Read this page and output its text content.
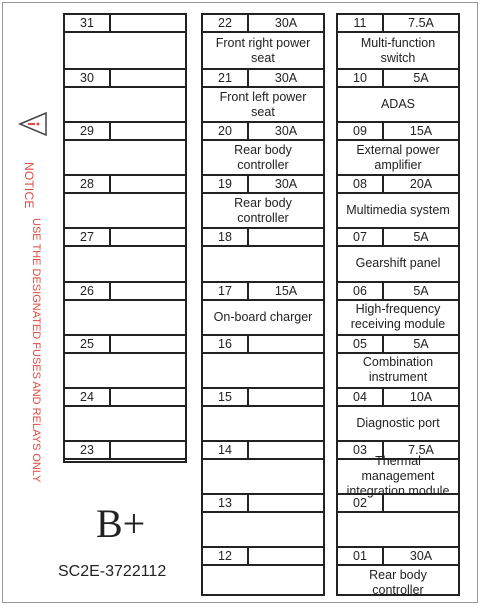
31
30
29
28
27
26
25
24
23
22	30A
Front right power seat
21	30A
Front left power seat
20	30A
Rear body controller
19	30A
Rear body controller
18
17	15A
On-board charger
16
15
14
13
12
11	7.5A
Multi-function switch
10	5A
ADAS
09	15A
External power amplifier
08	20A
Multimedia system
07	5A
Gearshift panel
06	5A
High-frequency receiving module
05	5A
Combination instrument
04	10A
Diagnostic port
03	7.5A
Thermal management integration module
02
01	30A
Rear body controller
NOTICE
USE THE DESIGNATED FUSES AND RELAYS ONLY
B+
SC2E-3722112
